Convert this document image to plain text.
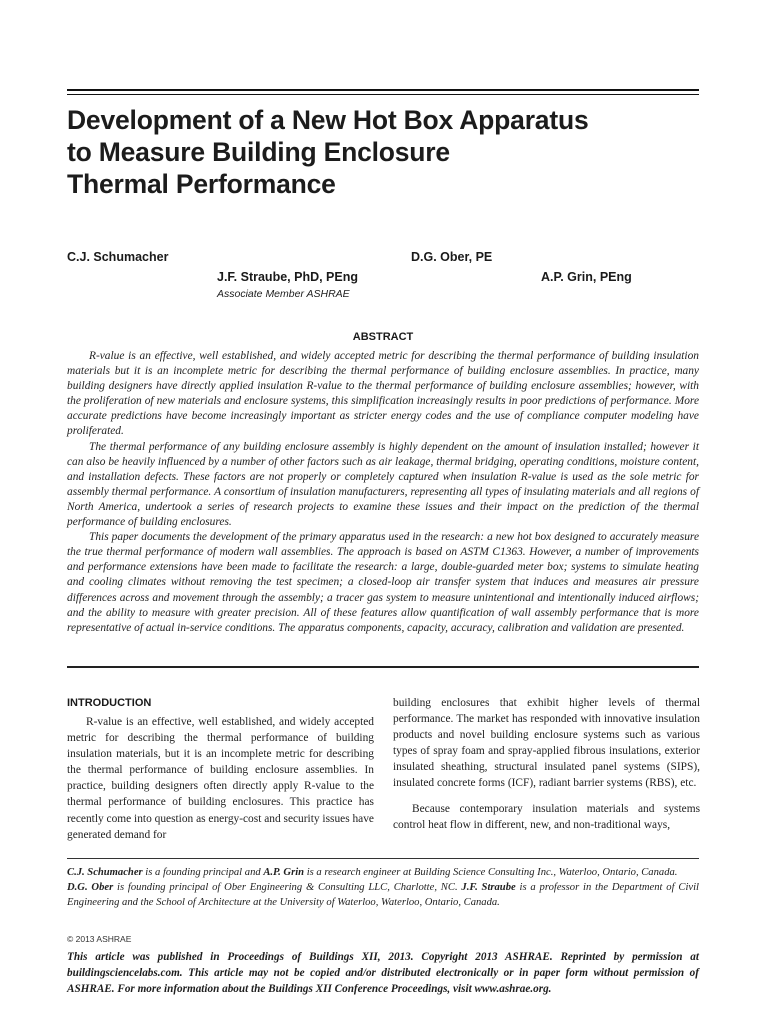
Development of a New Hot Box Apparatus
to Measure Building Enclosure
Thermal Performance
C.J. Schumacher	D.G. Ober, PE
J.F. Straube, PhD, PEng
Associate Member ASHRAE
A.P. Grin, PEng
ABSTRACT

R-value is an effective, well established, and widely accepted metric for describing the thermal performance of building insulation materials but it is an incomplete metric for describing the thermal performance of building enclosure assemblies. In practice, many building designers have directly applied insulation R-value to the thermal performance of building enclosure assemblies; however, with the proliferation of new materials and enclosure systems, this simplification increasingly results in poor predictions of performance. More accurate predictions have become increasingly important as stricter energy codes and the use of compliance computer modeling have proliferated.

The thermal performance of any building enclosure assembly is highly dependent on the amount of insulation installed; however it can also be heavily influenced by a number of other factors such as air leakage, thermal bridging, operating conditions, moisture content, and installation defects. These factors are not properly or completely captured when insulation R-value is used as the sole metric for assembly thermal performance. A consortium of insulation manufacturers, representing all types of insulating materials and all regions of North America, undertook a series of research projects to examine these issues and their impact on the prediction of the thermal performance of building enclosures.

This paper documents the development of the primary apparatus used in the research: a new hot box designed to accurately measure the true thermal performance of modern wall assemblies. The approach is based on ASTM C1363. However, a number of improvements and performance extensions have been made to facilitate the research: a large, double-guarded meter box; systems to simulate heating and cooling climates without removing the test specimen; a closed-loop air transfer system that induces and measures air pressure differences across and movement through the assembly; a tracer gas system to measure unintentional and intentionally induced airflows; and the ability to measure with greater precision. All of these features allow quantification of wall assembly performance that is more representative of actual in-service conditions. The apparatus components, capacity, accuracy, calibration and validation are presented.

INTRODUCTION

R-value is an effective, well established, and widely accepted metric for describing the thermal performance of building insulation materials, but it is an incomplete metric for describing the thermal performance of building enclosure assemblies. In practice, building designers often directly apply R-value to the thermal performance of building enclosures. This practice has recently come into question as energy-cost and security issues have generated demand for

building enclosures that exhibit higher levels of thermal performance. The market has responded with innovative insulation products and novel building enclosure systems such as various types of spray foam and spray-applied fibrous insulations, exterior insulated sheathing, structural insulated panel systems (SIPS), insulated concrete forms (ICF), radiant barrier systems (RBS), etc.

Because contemporary insulation materials and systems control heat flow in different, new, and non-traditional ways,

C.J. Schumacher is a founding principal and A.P. Grin is a research engineer at Building Science Consulting Inc., Waterloo, Ontario, Canada.
D.G. Ober is founding principal of Ober Engineering & Consulting LLC, Charlotte, NC. J.F. Straube is a professor in the Department of Civil Engineering and the School of Architecture at the University of Waterloo, Waterloo, Ontario, Canada.
© 2013 ASHRAE
This article was published in Proceedings of Buildings XII, 2013. Copyright 2013 ASHRAE. Reprinted by permission at buildingsciencelabs.com. This article may not be copied and/or distributed electronically or in paper form without permission of ASHRAE. For more information about the Buildings XII Conference Proceedings, visit www.ashrae.org.
